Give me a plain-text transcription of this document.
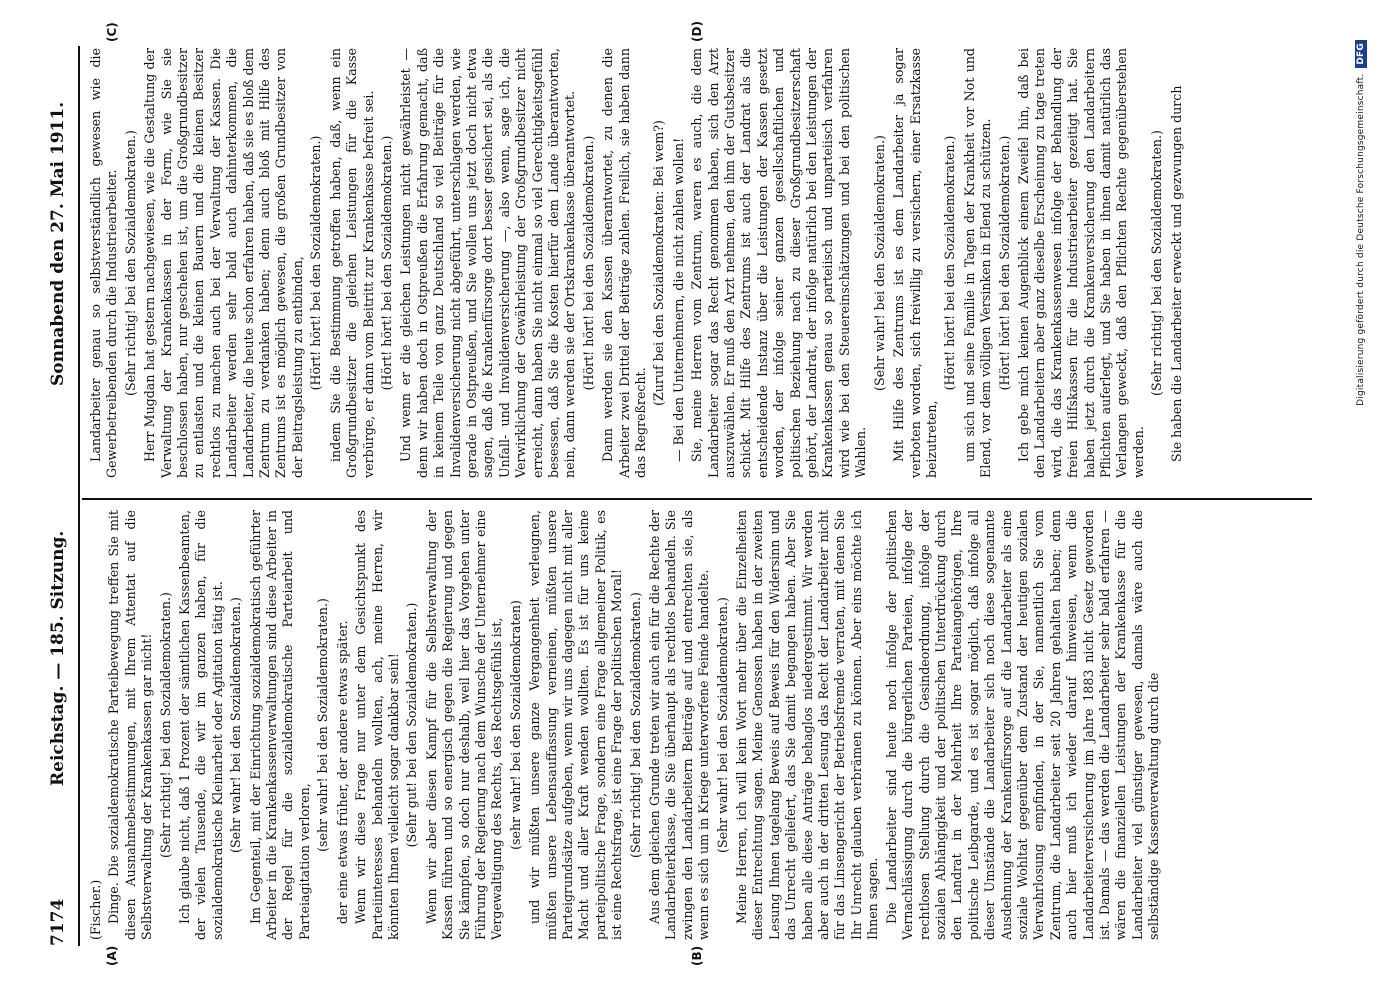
7174
Reichstag. — 185. Sitzung.
Sonnabend den 27. Mai 1911.
(A)	(B)
(C)	(D)

(Fischer.) Dinge. Die sozialdemokratische Parteibewegung treffen Sie mit diesen Ausnahmebestimmungen, mit Ihrem Attentat auf die Selbstverwaltung der Krankenkassen gar nicht! (Sehr richtig! bei den Sozialdemokraten.) Ich glaube nicht, daß 1 Prozent der sämtlichen Kassenbeamten, der vielen Tausende, die wir im ganzen haben, für die sozialdemokratische Kleinarbeit oder Agitation tätig ist. (Sehr wahr! bei den Sozialdemokraten.) Im Gegenteil, mit der Einrichtung sozialdemokratisch geführter Arbeiter in die Krankenkassenverwaltungen sind diese Arbeiter in der Regel für die sozialdemokratische Parteiarbeit und Parteiagitation verloren,

(sehr wahr! bei den Sozialdemokraten.) der eine etwas früher, der andere etwas später. Wenn wir diese Frage nur unter dem Gesichtspunkt des Parteiinteresses behandeln wollten, ach, meine Herren, wir könnten Ihnen vielleicht sogar dankbar sein! (Sehr gut! bei den Sozialdemokraten.) Wenn wir aber diesen Kampf für die Selbstverwaltung der Kassen führen und so energisch gegen die Regierung und gegen Sie kämpfen, so doch nur deshalb, weil hier das Vorgehen unter Führung der Regierung nach dem Wunsche der Unternehmer eine Vergewaltigung des Rechts, des Rechtsgefühls ist, (sehr wahr! bei den Sozialdemokraten) und wir müßten unsere ganze Vergangenheit verleugnen, müßten unsere Lebensauffassung verneinen, müßten unsere Parteigrundsätze aufgeben, wenn wir uns dagegen nicht mit aller Macht und aller Kraft wenden wollten. Es ist für uns keine parteipolitische Frage, sondern eine Frage allgemeiner Politik, es ist eine Rechtsfrage, ist eine Frage der politischen Moral! (Sehr richtig! bei den Sozialdemokraten.) Aus dem gleichen Grunde treten wir auch ein für die Rechte der Landarbeiterklasse, die Sie überhaupt als rechtlos behandeln. Sie zwingen den Landarbeitern Beiträge auf und entrechten sie, als wenn es sich um in Kriege unterworfene Feinde handelte. (Sehr wahr! bei den Sozialdemokraten.) Meine Herren, ich will kein Wort mehr über die Einzelheiten dieser Entrechtung sagen. Meine Genossen haben in der zweiten Lesung Ihnen tagelang Beweis auf Beweis für den Widersinn und das Unrecht geliefert, das Sie damit begangen haben. Aber Sie haben alle diese Anträge behaglos niedergestimmt. Wir werden aber auch in der dritten Lesung das Recht der Landarbeiter nicht für das Linsengericht der Betriebsfremde verraten, mit denen Sie Ihr Unrecht glauben verbrämen zu können. Aber eins möchte ich Ihnen sagen. Die Landarbeiter sind heute noch infolge der politischen Vernachlässigung durch die bürgerlichen Parteien, infolge der rechtlosen Stellung durch die Gesindeordnung, infolge der sozialen Abhängigkeit und der politischen Unterdrückung durch den Landrat in der Mehrheit Ihre Parteiangehörigen, Ihre politische Leibgarde, und es ist sogar möglich, daß infolge all dieser Umstände die Landarbeiter sich noch diese sogenannte Ausdehnung der Krankenfürsorge auf die Landarbeiter als eine soziale Wohltat gegenüber dem Zustand der heutigen sozialen Verwahrlosung empfinden, in der Sie, namentlich Sie vom Zentrum, die Landarbeiter seit 20 Jahren gehalten haben; denn auch hier muß ich wieder darauf hinweisen, wenn die Landarbeiterversicherung im Jahre 1883 nicht Gesetz geworden ist. Damals — das werden die Landarbeiter sehr bald erfahren — wären die finanziellen Leistungen der Krankenkasse für die Landarbeiter viel günstiger gewesen, damals wäre auch die selbständige Kassenverwaltung durch die

Landarbeiter genau so selbstverständlich gewesen wie die Gewerbetreibenden durch die Industriearbeiter. (Sehr richtig! bei den Sozialdemokraten.) Herr Mugdan hat gestern nachgewiesen, wie die Gestaltung der Verwaltung der Krankenkassen in der Form, wie Sie sie beschlossen haben, nur geschehen ist, um die Großgrundbesitzer zu entlasten und die kleinen Bauern und die kleinen Besitzer rechtlos zu machen auch bei der Verwaltung der Kassen. Die Landarbeiter werden sehr bald auch dahinterkommen, die Landarbeiter, die heute schon erfahren haben, daß sie es bloß dem Zentrum zu verdanken haben; denn auch bloß mit Hilfe des Zentrums ist es möglich gewesen, die großen Grundbesitzer von der Beitragsleistung zu entbinden, (Hört! hört! bei den Sozialdemokraten.) indem Sie die Bestimmung getroffen haben, daß, wenn ein Großgrundbesitzer die gleichen Leistungen für die Kasse verbürge, er dann vom Beitritt zur Krankenkasse befreit sei. (Hört! hört! bei den Sozialdemokraten.) Und wenn er die gleichen Leistungen nicht gewährleistet — denn wir haben doch in Ostpreußen die Erfahrung gemacht, daß in keinem Teile von ganz Deutschland so viel Beiträge für die Invalidenversicherung nicht abgeführt, unterschlagen werden, wie gerade in Ostpreußen, und Sie wollen uns jetzt doch nicht etwa sagen, daß die Krankenfürsorge dort besser gesichert sei, als die Unfall- und Invalidenversicherung —, also wenn, sage ich, die Verwirklichung der Gewährleistung der Großgrundbesitzer nicht erreicht, dann haben Sie nicht einmal so viel Gerechtigkeitsgefühl besessen, daß Sie die Kosten hierfür dem Lande überantworten, nein, dann werden sie der Ortskrankenkasse überantwortet. (Hört! hört! bei den Sozialdemokraten.) Dann werden sie den Kassen überantwortet, zu denen die Arbeiter zwei Drittel der Beiträge zahlen. Freilich, sie haben dann das Regreßrecht.

(Zuruf bei den Sozialdemokraten: Bei wem?) — Bei den Unternehmern, die nicht zahlen wollen! Sie, meine Herren vom Zentrum, waren es auch, die dem Landarbeiter sogar das Recht genommen haben, sich den Arzt auszuwählen. Er muß den Arzt nehmen, den ihm der Gutsbesitzer schickt. Mit Hilfe des Zentrums ist auch der Landrat als die entscheidende Instanz über die Leistungen der Kassen gesetzt worden, der infolge seiner ganzen gesellschaftlichen und politischen Beziehung nach zu dieser Großgrundbesitzerschaft gehört, der Landrat, der infolge natürlich bei den Leistungen der Krankenkassen genau so parteiisch und unparteiisch verfahren wird wie bei den Steuereinschätzungen und bei den politischen Wahlen.

(Sehr wahr! bei den Sozialdemokraten.) Mit Hilfe des Zentrums ist es dem Landarbeiter ja sogar verboten worden, sich freiwillig zu versichern, einer Ersatzkasse beizutreten,

(Hört! hört! bei den Sozialdemokraten.) um sich und seine Familie in Tagen der Krankheit vor Not und Elend, vor dem völligen Versinken in Elend zu schützen. (Hört! hört! bei den Sozialdemokraten.) Ich gebe mich keinen Augenblick einem Zweifel hin, daß bei den Landarbeitern aber ganz dieselbe Erscheinung zu tage treten wird, die das Krankenkassenwesen infolge der Behandlung der freien Hilfskassen für die Industriearbeiter gezeitigt hat. Sie haben jetzt durch die Krankenversicherung den Landarbeitern Pflichten auferlegt, und Sie haben in ihnen damit natürlich das Verlangen geweckt, daß den Pflichten Rechte gegenüberstehen werden.

(Sehr richtig! bei den Sozialdemokraten.) Sie haben die Landarbeiter erweckt und gezwungen durch	Digitalisierung gefördert durch die Deutsche Forschungsgemeinschaft.DFG
